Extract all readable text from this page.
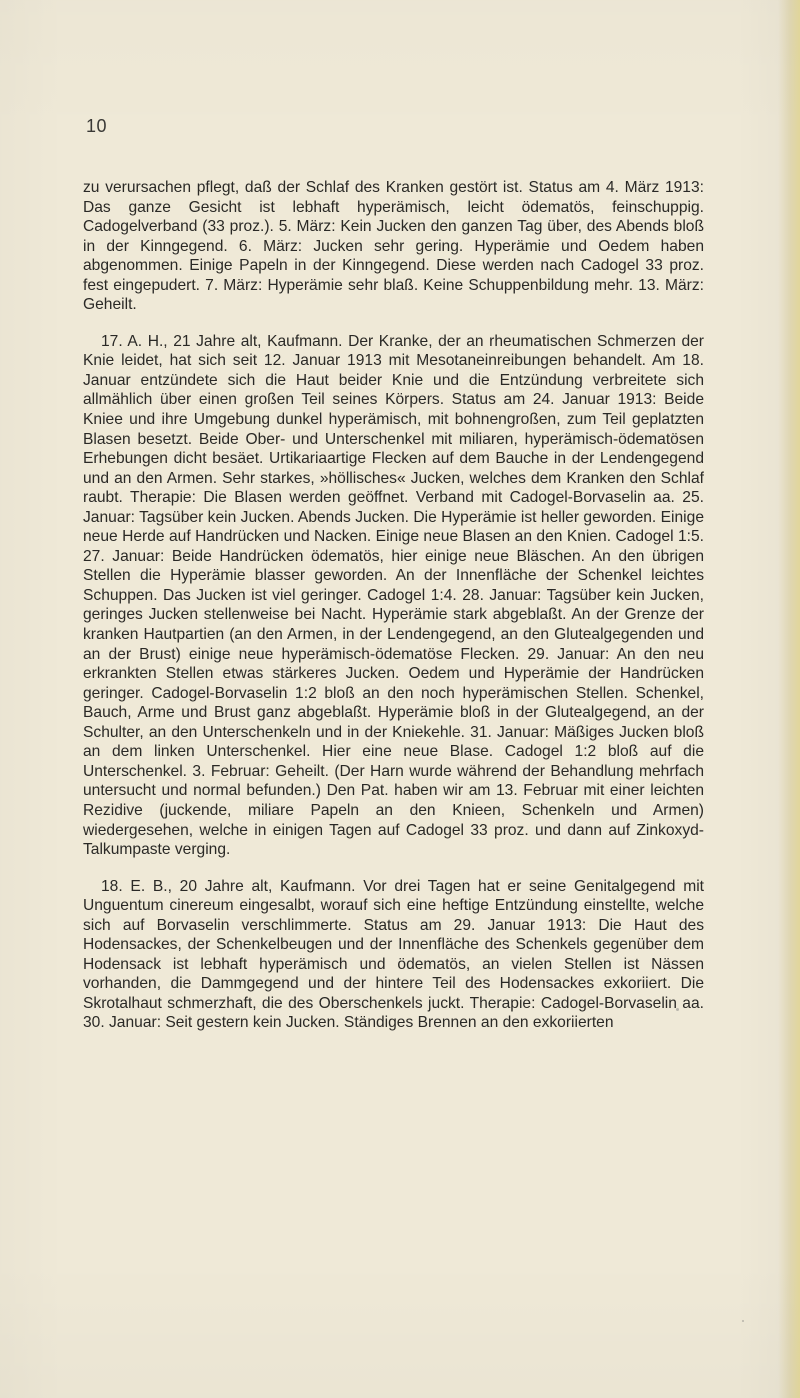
10

zu verursachen pflegt, daß der Schlaf des Kranken gestört ist. Status am 4. März 1913: Das ganze Gesicht ist lebhaft hyperämisch, leicht ödematös, feinschuppig. Cadogelverband (33 proz.). 5. März: Kein Jucken den ganzen Tag über, des Abends bloß in der Kinngegend. 6. März: Jucken sehr gering. Hyperämie und Oedem haben abgenommen. Einige Papeln in der Kinngegend. Diese werden nach Cadogel 33 proz. fest eingepudert. 7. März: Hyperämie sehr blaß. Keine Schuppenbildung mehr. 13. März: Geheilt.

17. A. H., 21 Jahre alt, Kaufmann. Der Kranke, der an rheumatischen Schmerzen der Knie leidet, hat sich seit 12. Januar 1913 mit Mesotaneinreibungen behandelt. Am 18. Januar entzündete sich die Haut beider Knie und die Entzündung verbreitete sich allmählich über einen großen Teil seines Körpers. Status am 24. Januar 1913: Beide Kniee und ihre Umgebung dunkel hyperämisch, mit bohnengroßen, zum Teil geplatzten Blasen besetzt. Beide Ober- und Unterschenkel mit miliaren, hyperämisch-ödematösen Erhebungen dicht besäet. Urtikariaartige Flecken auf dem Bauche in der Lendengegend und an den Armen. Sehr starkes, »höllisches« Jucken, welches dem Kranken den Schlaf raubt. Therapie: Die Blasen werden geöffnet. Verband mit Cadogel-Borvaselin aa. 25. Januar: Tagsüber kein Jucken. Abends Jucken. Die Hyperämie ist heller geworden. Einige neue Herde auf Handrücken und Nacken. Einige neue Blasen an den Knien. Cadogel 1:5. 27. Januar: Beide Handrücken ödematös, hier einige neue Bläschen. An den übrigen Stellen die Hyperämie blasser geworden. An der Innenfläche der Schenkel leichtes Schuppen. Das Jucken ist viel geringer. Cadogel 1:4. 28. Januar: Tagsüber kein Jucken, geringes Jucken stellenweise bei Nacht. Hyperämie stark abgeblaßt. An der Grenze der kranken Hautpartien (an den Armen, in der Lendengegend, an den Glutealgegenden und an der Brust) einige neue hyperämisch-ödematöse Flecken. 29. Januar: An den neu erkrankten Stellen etwas stärkeres Jucken. Oedem und Hyperämie der Handrücken geringer. Cadogel-Borvaselin 1:2 bloß an den noch hyperämischen Stellen. Schenkel, Bauch, Arme und Brust ganz abgeblaßt. Hyperämie bloß in der Glutealgegend, an der Schulter, an den Unterschenkeln und in der Kniekehle. 31. Januar: Mäßiges Jucken bloß an dem linken Unterschenkel. Hier eine neue Blase. Cadogel 1:2 bloß auf die Unterschenkel. 3. Februar: Geheilt. (Der Harn wurde während der Behandlung mehrfach untersucht und normal befunden.) Den Pat. haben wir am 13. Februar mit einer leichten Rezidive (juckende, miliare Papeln an den Knieen, Schenkeln und Armen) wiedergesehen, welche in einigen Tagen auf Cadogel 33 proz. und dann auf Zinkoxyd-Talkumpaste verging.

18. E. B., 20 Jahre alt, Kaufmann. Vor drei Tagen hat er seine Genitalgegend mit Unguentum cinereum eingesalbt, worauf sich eine heftige Entzündung einstellte, welche sich auf Borvaselin verschlimmerte. Status am 29. Januar 1913: Die Haut des Hodensackes, der Schenkelbeugen und der Innenfläche des Schenkels gegenüber dem Hodensack ist lebhaft hyperämisch und ödematös, an vielen Stellen ist Nässen vorhanden, die Dammgegend und der hintere Teil des Hodensackes exkoriiert. Die Skrotalhaut schmerzhaft, die des Oberschenkels juckt. Therapie: Cadogel-Borvaselin aa. 30. Januar: Seit gestern kein Jucken. Ständiges Brennen an den exkoriierten
